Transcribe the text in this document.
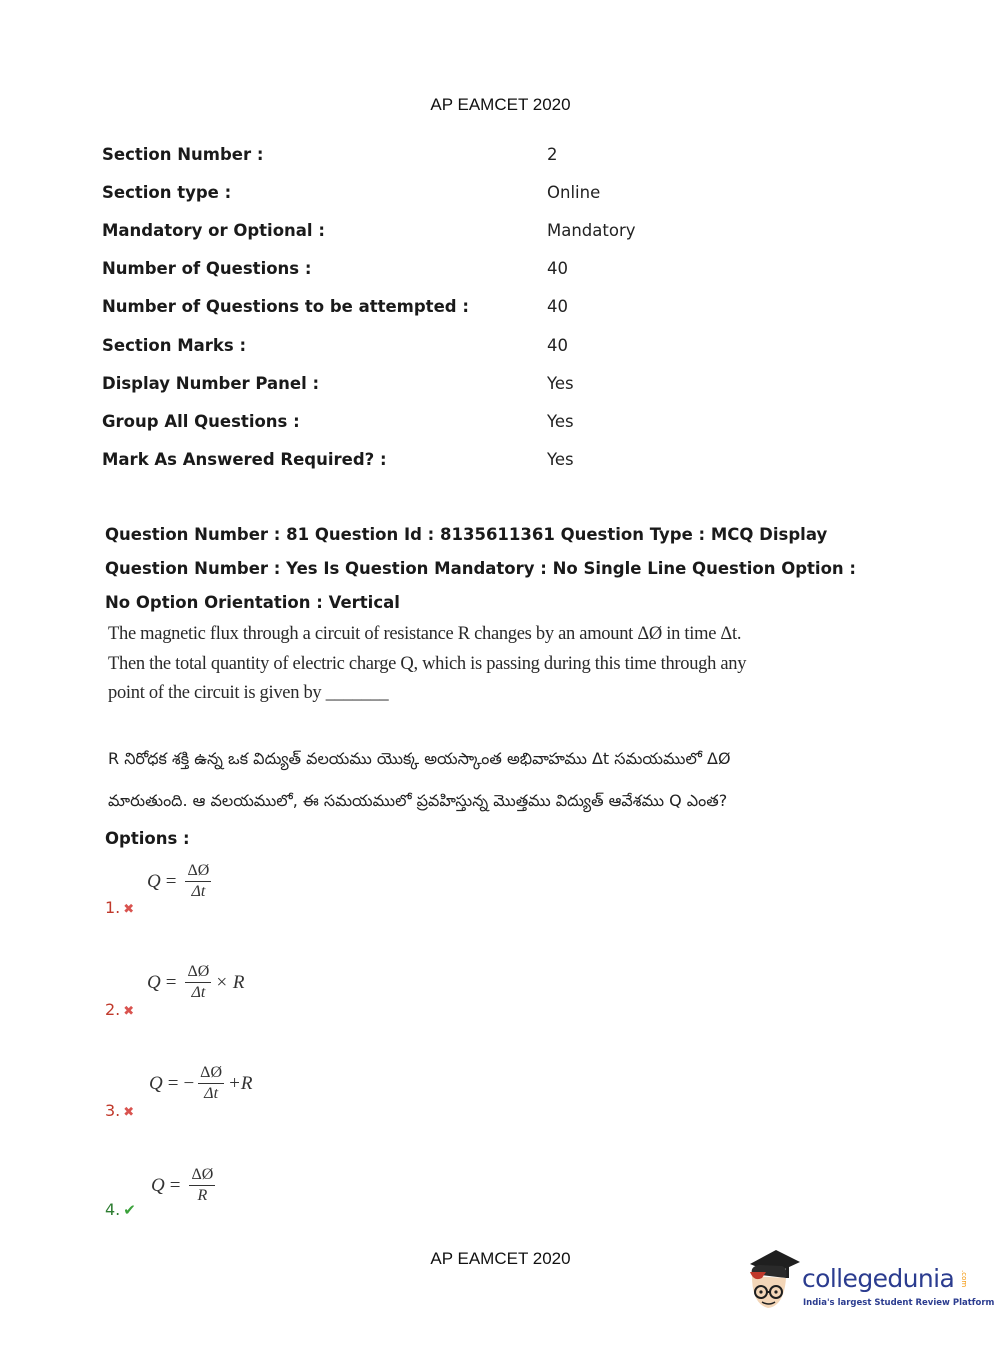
AP EAMCET 2020
Section Number :	2
Section type :	Online
Mandatory or Optional :	Mandatory
Number of Questions :	40
Number of Questions to be attempted :	40
Section Marks :	40
Display Number Panel :	Yes
Group All Questions :	Yes
Mark As Answered Required? :	Yes

Question Number : 81 Question Id : 8135611361 Question Type : MCQ Display Question Number : Yes Is Question Mandatory : No Single Line Question Option : No Option Orientation : Vertical

The magnetic flux through a circuit of resistance R changes by an amount ΔØ in time Δt. Then the total quantity of electric charge Q, which is passing during this time through any point of the circuit is given by _______

R నిరోధక శక్తి ఉన్న ఒక విద్యుత్ వలయము యొక్క అయస్కాంత అభివాహము Δt సమయములో ΔØ మారుతుంది. ఆ వలయములో, ఈ సమయములో ప్రవహిస్తున్న మొత్తము విద్యుత్ ఆవేశము Q ఎంత?

Options :
1. ✖
$Q = \frac{\Delta Ø}{\Delta t}$
2. ✖
$Q = \frac{\Delta Ø}{\Delta t} \times R$
3. ✖
Q = − $\frac{\Delta Ø}{\Delta t} +R$
4. ✔
$Q = \frac{\Delta Ø}{R}$
AP EAMCET 2020
collegedunia .com
India's largest Student Review Platform
